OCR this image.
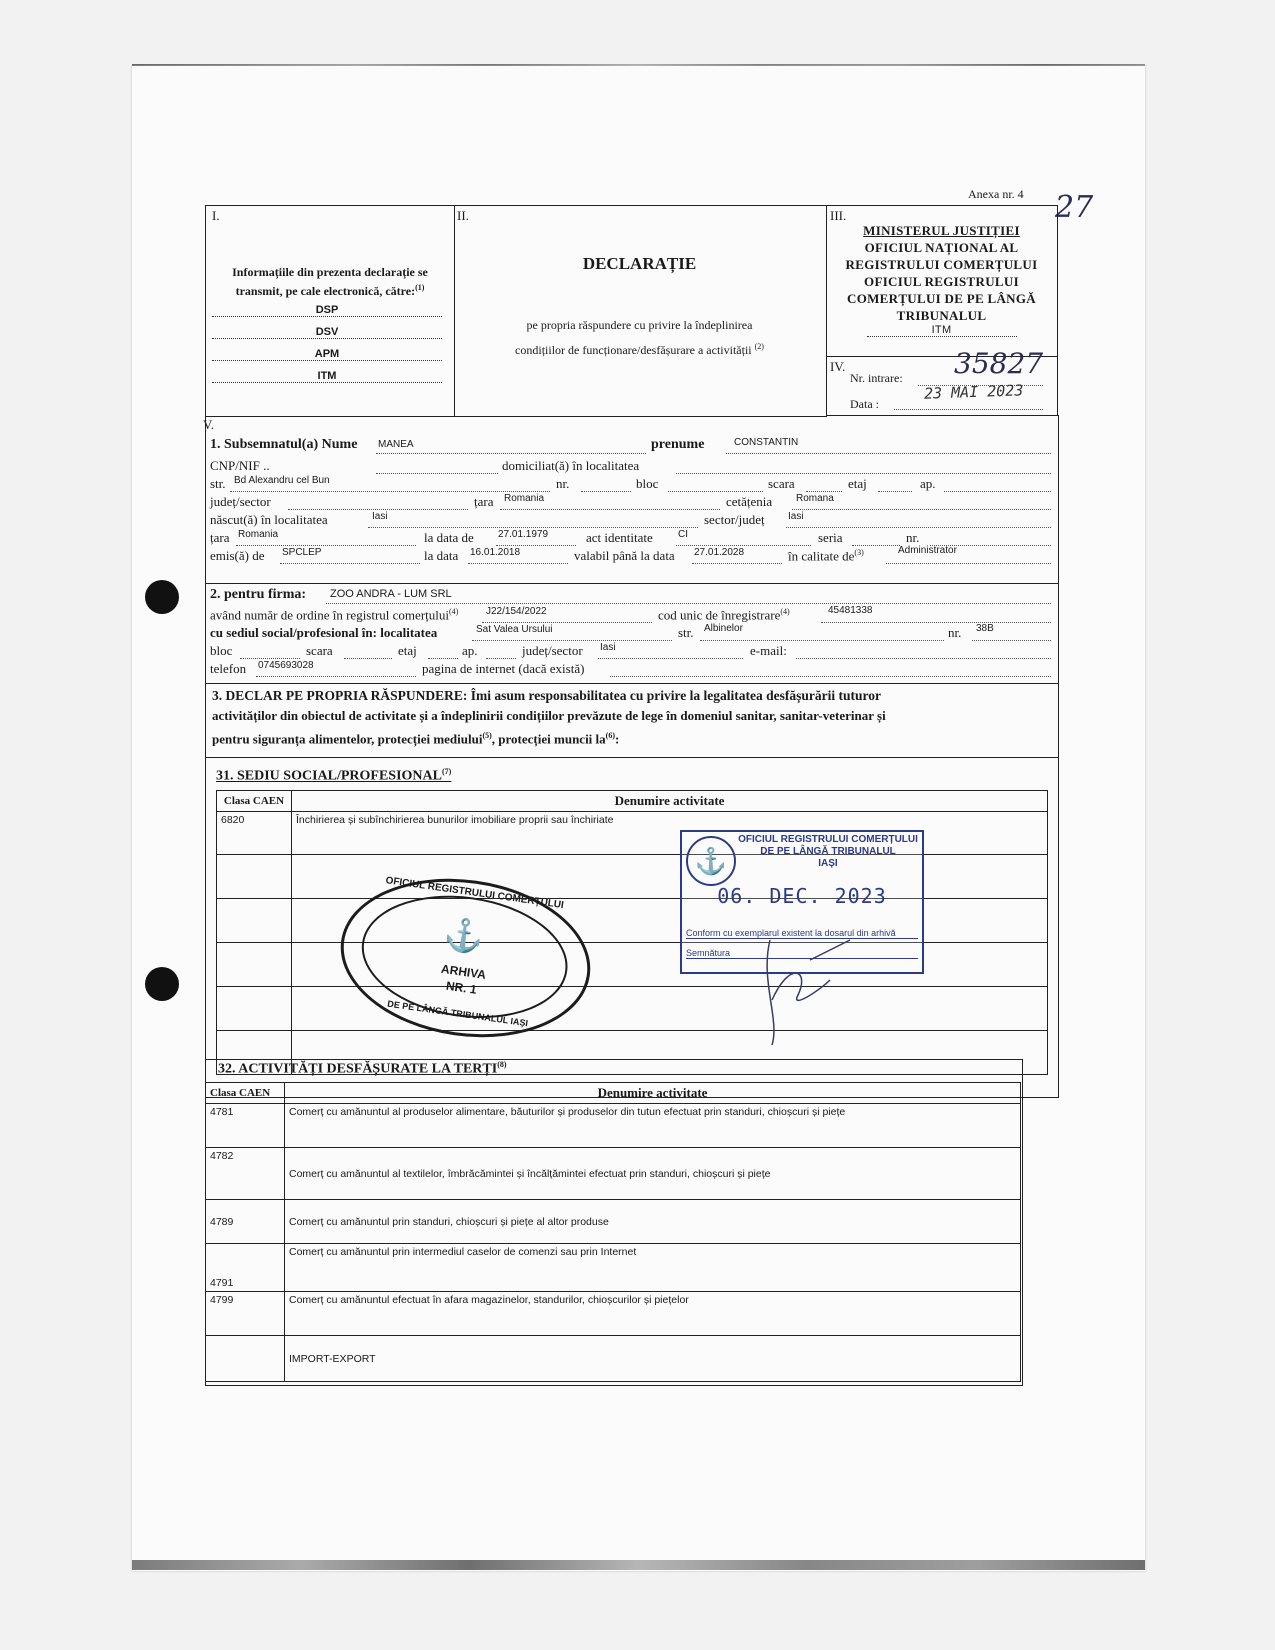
Anexa nr. 4 27
I.
Informațiile din prezenta declarație se transmit, pe cale electronică, către:$^{(1)}$
DSP
DSV
APM
ITM
II.
DECLARAȚIE
pe propria răspundere cu privire la îndeplinirea
condițiilor de funcționare/desfășurare a activității $^{(2)}$
III.
MINISTERUL JUSTIȚIEI
OFICIUL NAȚIONAL AL
REGISTRULUI COMERȚULUI
OFICIUL REGISTRULUI
COMERȚULUI DE PE LÂNGĂ
TRIBUNALUL
ITM
IV.
Nr. intrare: 35827
Data :
23 MAI 2023
V.
1. Subsemnatul(a) Nume MANEA	prenume	CONSTANTIN
CNP/NIF ..	domiciliat(ă) în localitatea
str. Bd Alexandru cel Bun	nr.	bloc	scara	etaj	ap.
județ/sector	țara Romania	cetățenia Romana
născut(ă) în localitatea	Iasi	sector/județ Iasi
țara Romania	la data de 27.01.1979	act identitate	CI	seria	nr.
emis(ă) de SPCLEP	la data 16.01.2018	valabil până la data 27.01.2028	în calitate $de^{(3)}$	Administrator
2. pentru firma: ZOO ANDRA - LUM SRL
având număr de ordine în registrul comerțului$^{(4)}$	J22/154/2022	cod unic de înregistrare$^{(4)}$	45481338
cu sediul social/profesional în: localitatea	Sat Valea Ursului	str. Albinelor	nr. 38B
bloc	scara	etaj	ap.	județ/sector Iasi	e-mail:
telefon 0745693028	pagina de internet (dacă există)
3. DECLAR PE PROPRIA RĂSPUNDERE: Îmi asum responsabilitatea cu privire la legalitatea desfășurării tuturor
activităților din obiectul de activitate și a îndeplinirii condițiilor prevăzute de lege în domeniul sanitar, sanitar-veterinar și
pentru siguranța alimentelor, protecției mediului$^{(5)}$, protecției muncii $la^{(6)}$:
31. SEDIU SOCIAL/PROFESIONAL$^{(7)}$
Clasa CAEN	Denumire activitate
6820	Închirierea și subînchirierea bunurilor imobiliare proprii sau închiriate

OFICIUL REGISTRULUI COMERȚULUI
⚓
ARHIVA
NR. 1
DE PE LÂNGĂ TRIBUNALUL IAȘI
⚓
OFICIUL REGISTRULUI COMERȚULUI
DE PE LÂNGĂ TRIBUNALUL
IAȘI
06. DEC. 2023
Conform cu exemplarul existent la dosarul din arhivă
Semnătura
32. ACTIVITĂȚI DESFĂȘURATE LA TERȚI$^{(8)}$
Clasa CAEN	Denumire activitate
4781	Comerț cu amănuntul al produselor alimentare, băuturilor și produselor din tutun efectuat prin standuri, chioșcuri și piețe
4782	Comerț cu amănuntul al textilelor, îmbrăcămintei și încălțămintei efectuat prin standuri, chioșcuri și piețe
4789	Comerț cu amănuntul prin standuri, chioșcuri și piețe al altor produse
4791	Comerț cu amănuntul prin intermediul caselor de comenzi sau prin Internet
4799	Comerț cu amănuntul efectuat în afara magazinelor, standurilor, chioșcurilor și piețelor
	IMPORT-EXPORT
